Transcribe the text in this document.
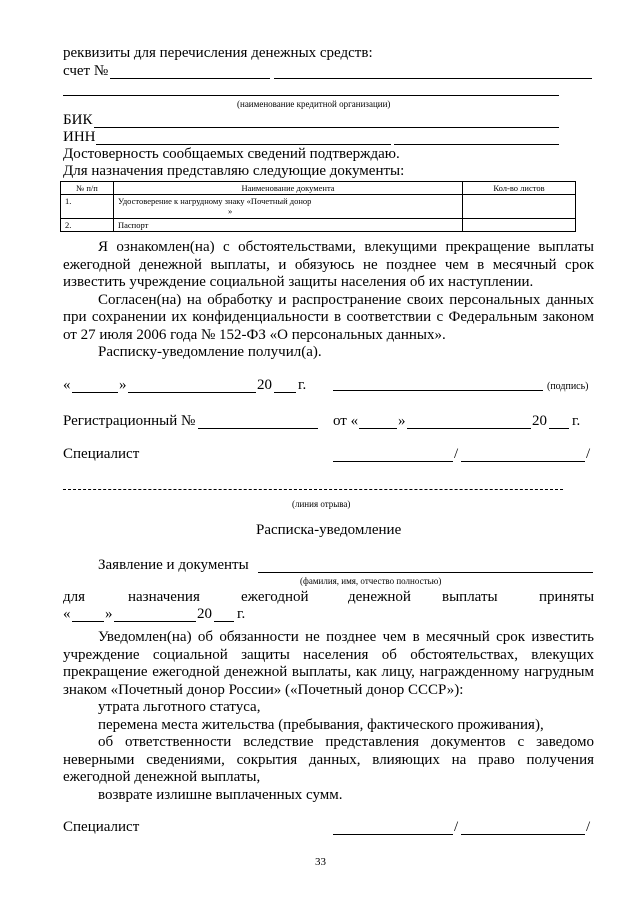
реквизиты для перечисления денежных средств:
счет №
(наименование кредитной организации)
БИК
ИНН
Достоверность сообщаемых сведений подтверждаю.
Для назначения представляю следующие документы:
№ п/п	Наименование документа	Кол-во листов
1.	Удостоверение к нагрудному знаку «Почетный донор
»	

2.	Паспорт	

Я ознакомлен(на) с обстоятельствами, влекущими прекращение выплаты ежегодной денежной выплаты, и обязуюсь не позднее чем в месячный срок известить учреждение социальной защиты населения об их наступлении.

Согласен(на) на обработку и распространение своих персональных данных при сохранении их конфиденциальности в соответствии с Федеральным законом от 27 июля 2006 года № 152-ФЗ «О персональных данных».

Расписку-уведомление получил(а).

«	»	20 г.	(подпись)
Регистрационный №	от «	»	20 г.
Специалист	/	/
(линия отрыва)
Расписка-уведомление
Заявление и документы
(фамилия, имя, отчество полностью)
для	назначения	ежегодной	денежной выплаты	приняты
« »	20 г.

Уведомлен(на) об обязанности не позднее чем в месячный срок известить учреждение социальной защиты населения об обстоятельствах, влекущих прекращение ежегодной денежной выплаты, как лицу, награжденному нагрудным знаком «Почетный донор России» («Почетный донор СССР»):

утрата льготного статуса,

перемена места жительства (пребывания, фактического проживания),

об ответственности вследствие представления документов с заведомо неверными сведениями, сокрытия данных, влияющих на право получения ежегодной денежной выплаты,

возврате излишне выплаченных сумм.

Специалист	/	/
33
